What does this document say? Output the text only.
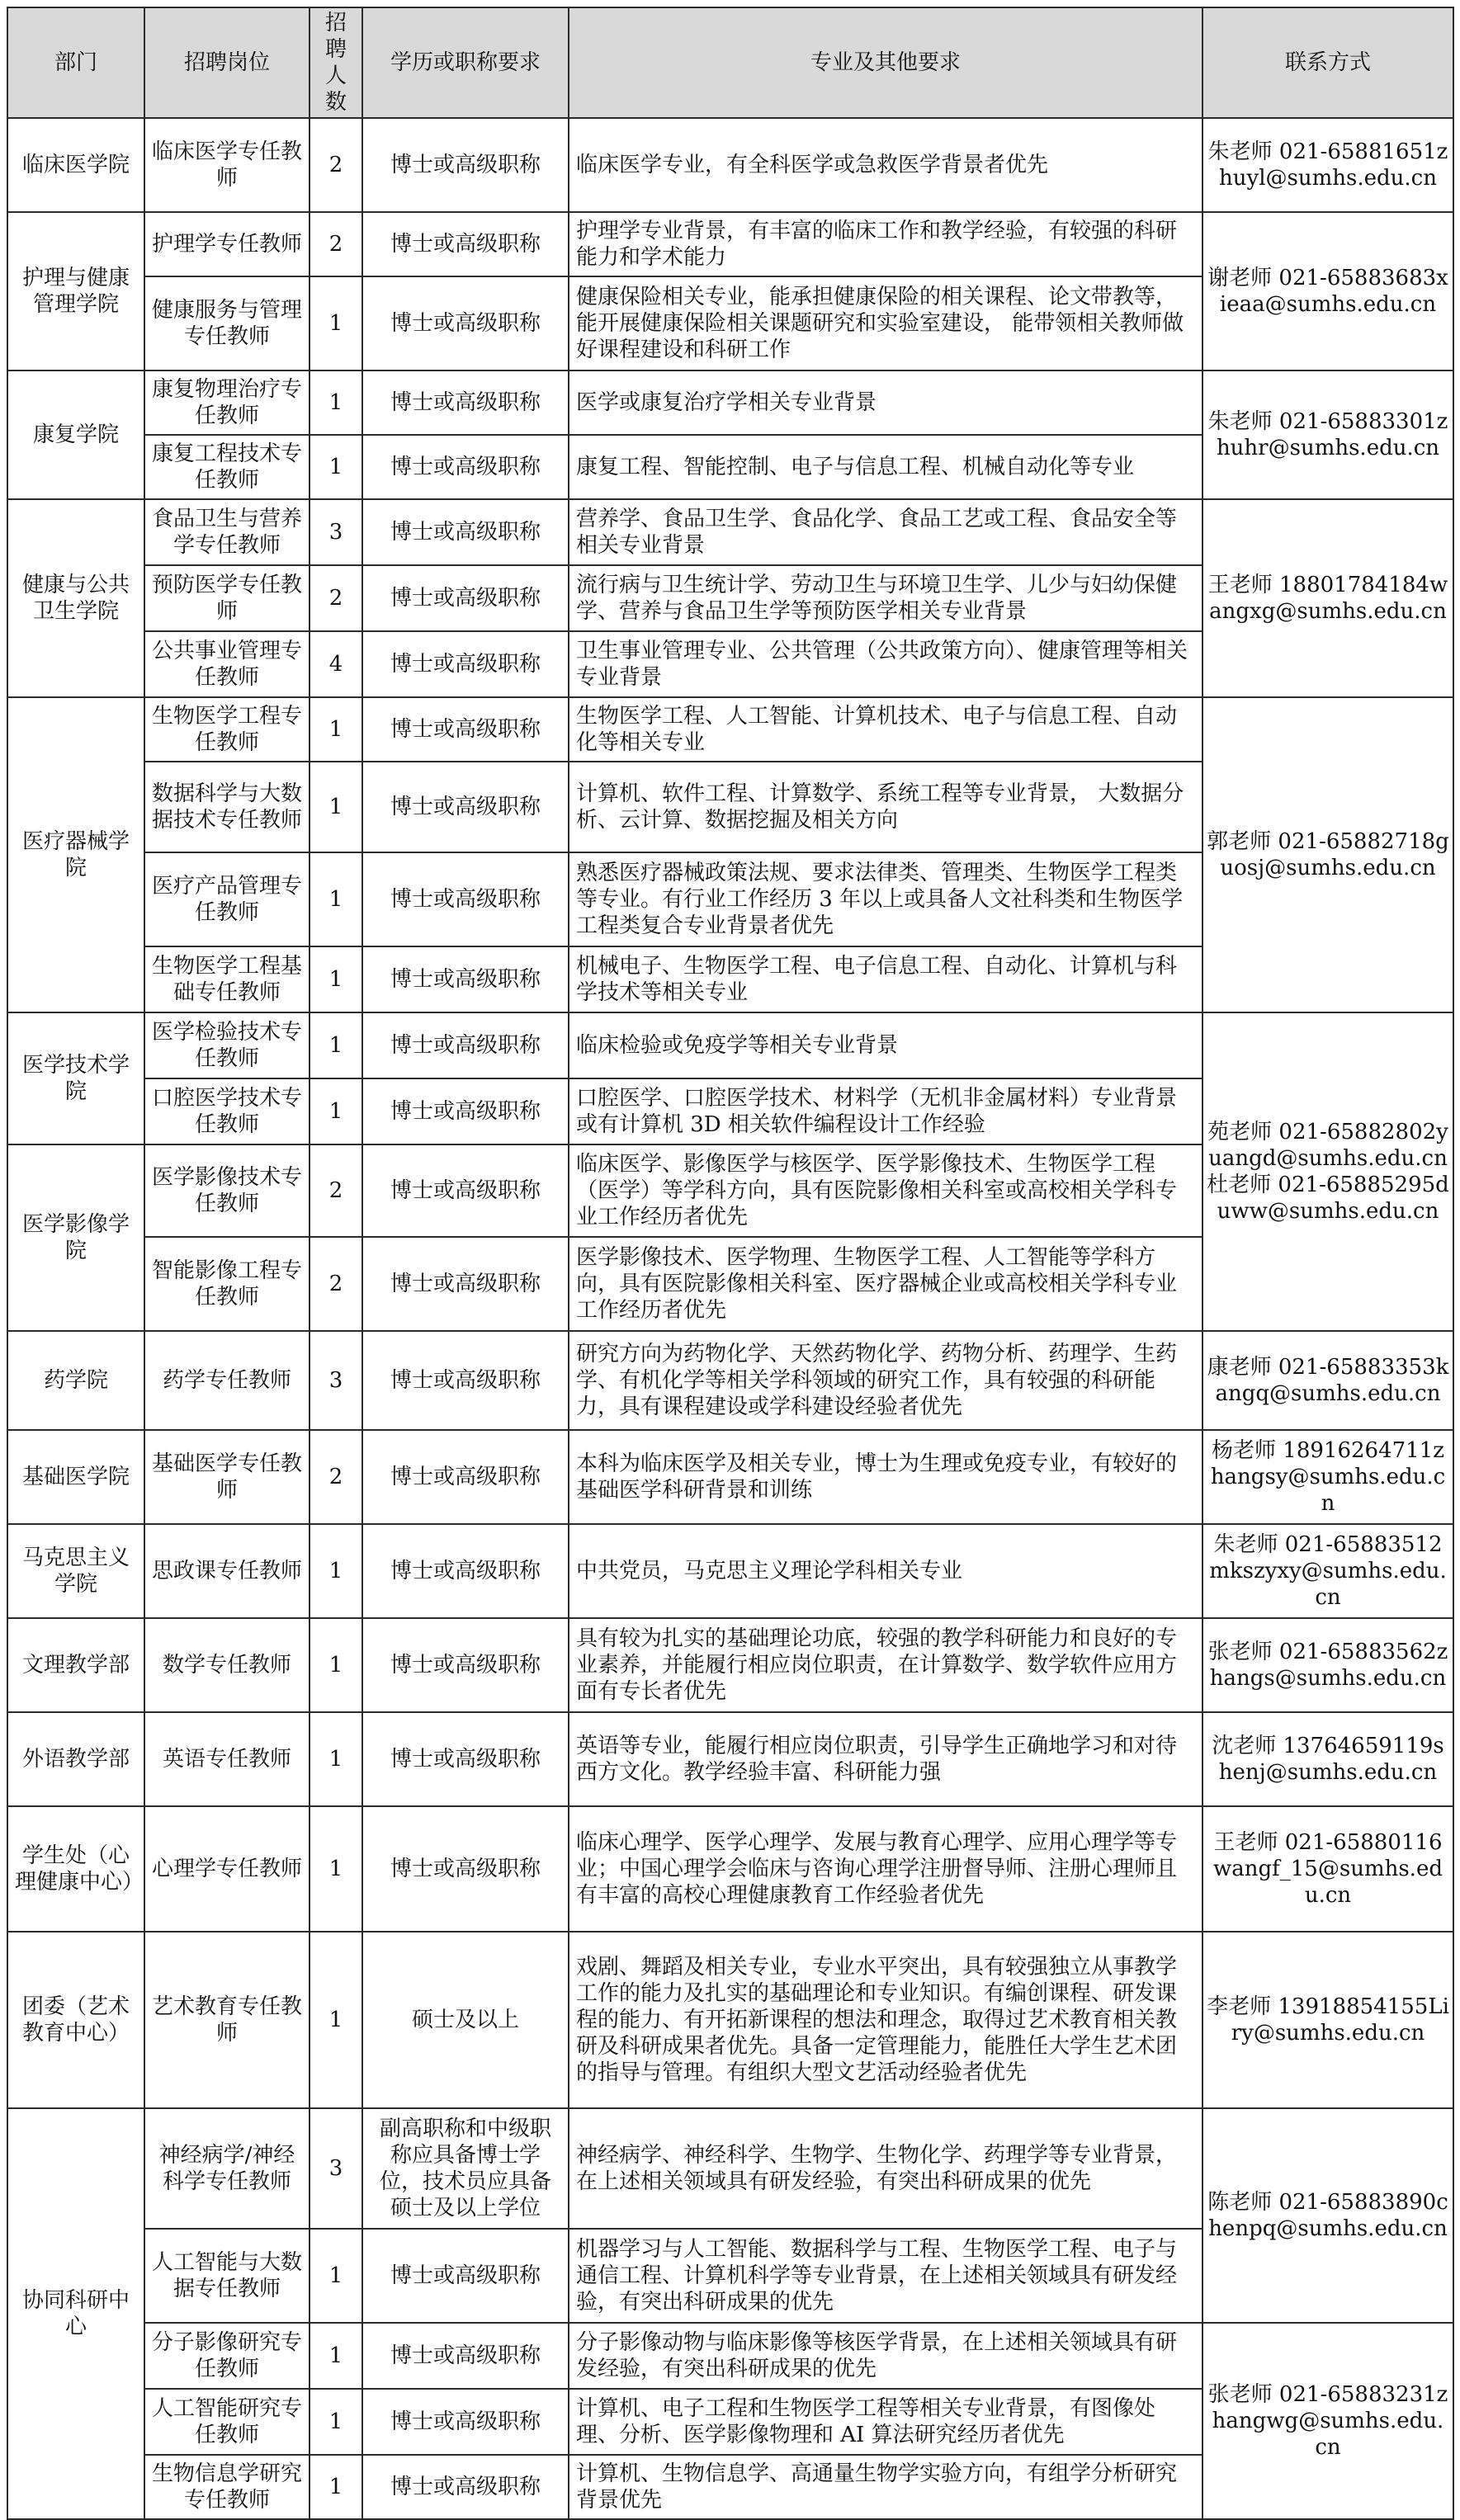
部门	招聘岗位	招聘人数	学历或职称要求	专业及其他要求	联系方式
临床医学院	临床医学专任教师	2	博士或高级职称	临床医学专业，有全科医学或急救医学背景者优先	朱老师 021-65881651zhuyl@sumhs.edu.cn
护理与健康管理学院	护理学专任教师	2	博士或高级职称	护理学专业背景，有丰富的临床工作和教学经验，有较强的科研能力和学术能力	谢老师 021-65883683xieaa@sumhs.edu.cn
	健康服务与管理专任教师	1	博士或高级职称	健康保险相关专业，能承担健康保险的相关课程、论文带教等，能开展健康保险相关课题研究和实验室建设， 能带领相关教师做好课程建设和科研工作	
康复学院	康复物理治疗专任教师	1	博士或高级职称	医学或康复治疗学相关专业背景	朱老师 021-65883301zhuhr@sumhs.edu.cn
	康复工程技术专任教师	1	博士或高级职称	康复工程、智能控制、电子与信息工程、机械自动化等专业	
健康与公共卫生学院	食品卫生与营养学专任教师	3	博士或高级职称	营养学、食品卫生学、食品化学、食品工艺或工程、食品安全等相关专业背景	王老师 18801784184wangxg@sumhs.edu.cn
	预防医学专任教师	2	博士或高级职称	流行病与卫生统计学、劳动卫生与环境卫生学、儿少与妇幼保健学、营养与食品卫生学等预防医学相关专业背景	
	公共事业管理专任教师	4	博士或高级职称	卫生事业管理专业、公共管理（公共政策方向）、健康管理等相关专业背景	
医疗器械学院	生物医学工程专任教师	1	博士或高级职称	生物医学工程、人工智能、计算机技术、电子与信息工程、自动化等相关专业	郭老师 021-65882718guosj@sumhs.edu.cn
	数据科学与大数据技术专任教师	1	博士或高级职称	计算机、软件工程、计算数学、系统工程等专业背景， 大数据分析、云计算、数据挖掘及相关方向	
	医疗产品管理专任教师	1	博士或高级职称	熟悉医疗器械政策法规、要求法律类、管理类、生物医学工程类等专业。有行业工作经历 3 年以上或具备人文社科类和生物医学工程类复合专业背景者优先	
	生物医学工程基础专任教师	1	博士或高级职称	机械电子、生物医学工程、电子信息工程、自动化、计算机与科学技术等相关专业	
医学技术学院	医学检验技术专任教师	1	博士或高级职称	临床检验或免疫学等相关专业背景	苑老师 021-65882802yuangd@sumhs.edu.cn 杜老师 021-65885295duww@sumhs.edu.cn
	口腔医学技术专任教师	1	博士或高级职称	口腔医学、口腔医学技术、材料学（无机非金属材料）专业背景或有计算机 3D 相关软件编程设计工作经验	
医学影像学院	医学影像技术专任教师	2	博士或高级职称	临床医学、影像医学与核医学、医学影像技术、生物医学工程（医学）等学科方向，具有医院影像相关科室或高校相关学科专业工作经历者优先	
	智能影像工程专任教师	2	博士或高级职称	医学影像技术、医学物理、生物医学工程、人工智能等学科方向，具有医院影像相关科室、医疗器械企业或高校相关学科专业工作经历者优先	
药学院	药学专任教师	3	博士或高级职称	研究方向为药物化学、天然药物化学、药物分析、药理学、生药学、有机化学等相关学科领域的研究工作，具有较强的科研能力，具有课程建设或学科建设经验者优先	康老师 021-65883353kangq@sumhs.edu.cn
基础医学院	基础医学专任教师	2	博士或高级职称	本科为临床医学及相关专业，博士为生理或免疫专业，有较好的基础医学科研背景和训练	杨老师 18916264711zhangsy@sumhs.edu.cn
马克思主义学院	思政课专任教师	1	博士或高级职称	中共党员，马克思主义理论学科相关专业	朱老师 021-65883512mkszyxy@sumhs.edu.cn
文理教学部	数学专任教师	1	博士或高级职称	具有较为扎实的基础理论功底，较强的教学科研能力和良好的专业素养，并能履行相应岗位职责，在计算数学、数学软件应用方面有专长者优先	张老师 021-65883562zhangs@sumhs.edu.cn
外语教学部	英语专任教师	1	博士或高级职称	英语等专业，能履行相应岗位职责，引导学生正确地学习和对待西方文化。教学经验丰富、科研能力强	沈老师 13764659119shenj@sumhs.edu.cn
学生处（心理健康中心）	心理学专任教师	1	博士或高级职称	临床心理学、医学心理学、发展与教育心理学、应用心理学等专业；中国心理学会临床与咨询心理学注册督导师、注册心理师且有丰富的高校心理健康教育工作经验者优先	王老师 021-65880116wangf_15@sumhs.edu.cn
团委（艺术教育中心）	艺术教育专任教师	1	硕士及以上	戏剧、舞蹈及相关专业，专业水平突出，具有较强独立从事教学工作的能力及扎实的基础理论和专业知识。有编创课程、研发课程的能力、有开拓新课程的想法和理念，取得过艺术教育相关教研及科研成果者优先。具备一定管理能力，能胜任大学生艺术团的指导与管理。有组织大型文艺活动经验者优先	李老师 13918854155Liry@sumhs.edu.cn
协同科研中心	神经病学/神经科学专任教师	3	副高职称和中级职称应具备博士学位，技术员应具备硕士及以上学位	神经病学、神经科学、生物学、生物化学、药理学等专业背景，在上述相关领域具有研发经验，有突出科研成果的优先	陈老师 021-65883890chenpq@sumhs.edu.cn
	人工智能与大数据专任教师	1	博士或高级职称	机器学习与人工智能、数据科学与工程、生物医学工程、电子与通信工程、计算机科学等专业背景，在上述相关领域具有研发经验，有突出科研成果的优先	
	分子影像研究专任教师	1	博士或高级职称	分子影像动物与临床影像等核医学背景，在上述相关领域具有研发经验，有突出科研成果的优先	张老师 021-65883231zhangwg@sumhs.edu.cn
	人工智能研究专任教师	1	博士或高级职称	计算机、电子工程和生物医学工程等相关专业背景，有图像处理、分析、医学影像物理和 AI 算法研究经历者优先	
	生物信息学研究专任教师	1	博士或高级职称	计算机、生物信息学、高通量生物学实验方向，有组学分析研究背景优先	
